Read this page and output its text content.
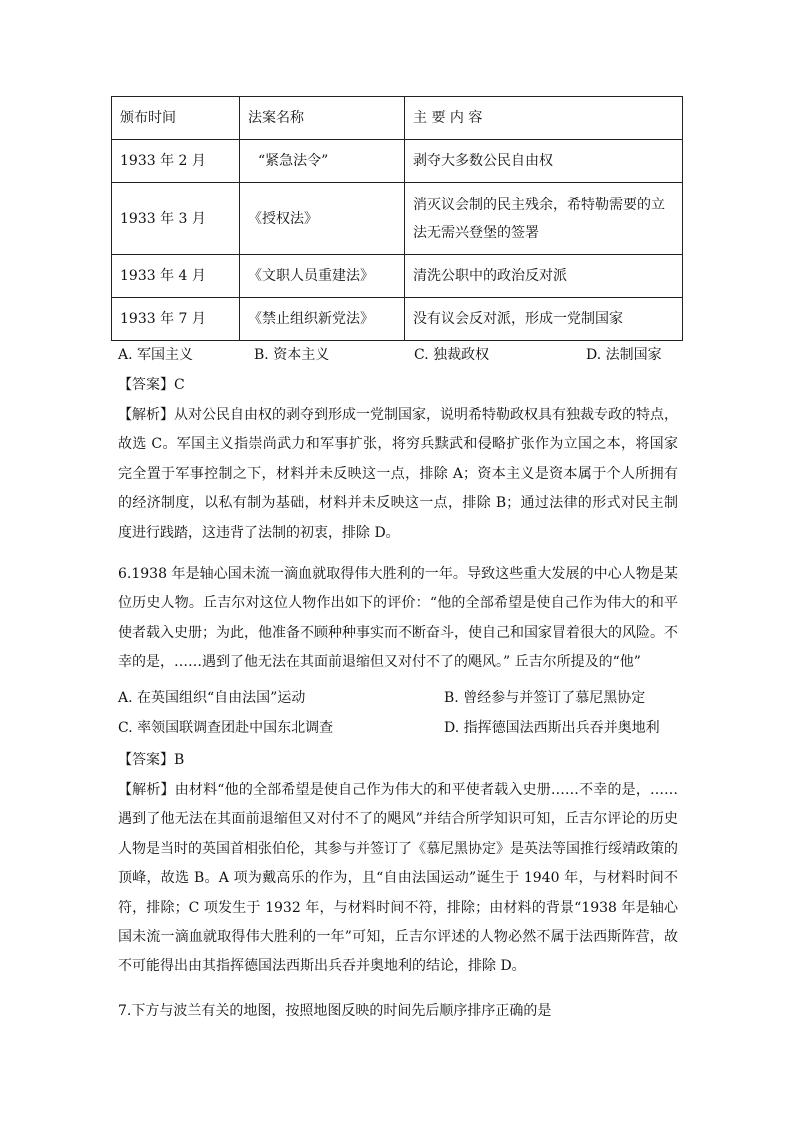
颁布时间	法案名称	主 要 内 容
1933 年 2 月	“紧急法令”	剥夺大多数公民自由权
1933 年 3 月	《授权法》	消灭议会制的民主残余，希特勒需要的立法无需兴登堡的签署
1933 年 4 月	《文职人员重建法》	清洗公职中的政治反对派
1933 年 7 月	《禁止组织新党法》	没有议会反对派，形成一党制国家
A. 军国主义	B. 资本主义	C. 独裁政权	D. 法制国家
【答案】C
【解析】从对公民自由权的剥夺到形成一党制国家，说明希特勒政权具有独裁专政的特点，故选 C。军国主义指崇尚武力和军事扩张，将穷兵黩武和侵略扩张作为立国之本，将国家完全置于军事控制之下，材料并未反映这一点，排除 A；资本主义是资本属于个人所拥有的经济制度，以私有制为基础，材料并未反映这一点，排除 B；通过法律的形式对民主制度进行践踏，这违背了法制的初衷，排除 D。
6.1938 年是轴心国未流一滴血就取得伟大胜利的一年。导致这些重大发展的中心人物是某位历史人物。丘吉尔对这位人物作出如下的评价：“他的全部希望是使自己作为伟大的和平使者载入史册；为此，他准备不顾种种事实而不断奋斗，使自己和国家冒着很大的风险。不幸的是，……遇到了他无法在其面前退缩但又对付不了的飓风。” 丘吉尔所提及的“他”
A. 在英国组织“自由法国”运动	B. 曾经参与并签订了慕尼黑协定
C. 率领国联调查团赴中国东北调查	D. 指挥德国法西斯出兵吞并奥地利
【答案】B
【解析】由材料“他的全部希望是使自己作为伟大的和平使者载入史册……不幸的是，……遇到了他无法在其面前退缩但又对付不了的飓风”并结合所学知识可知，丘吉尔评论的历史人物是当时的英国首相张伯伦，其参与并签订了《慕尼黑协定》是英法等国推行绥靖政策的顶峰，故选 B。A 项为戴高乐的作为，且“自由法国运动”诞生于 1940 年，与材料时间不符，排除；C 项发生于 1932 年，与材料时间不符，排除；由材料的背景“1938 年是轴心国未流一滴血就取得伟大胜利的一年”可知，丘吉尔评述的人物必然不属于法西斯阵营，故不可能得出由其指挥德国法西斯出兵吞并奥地利的结论，排除 D。
7.下方与波兰有关的地图，按照地图反映的时间先后顺序排序正确的是
